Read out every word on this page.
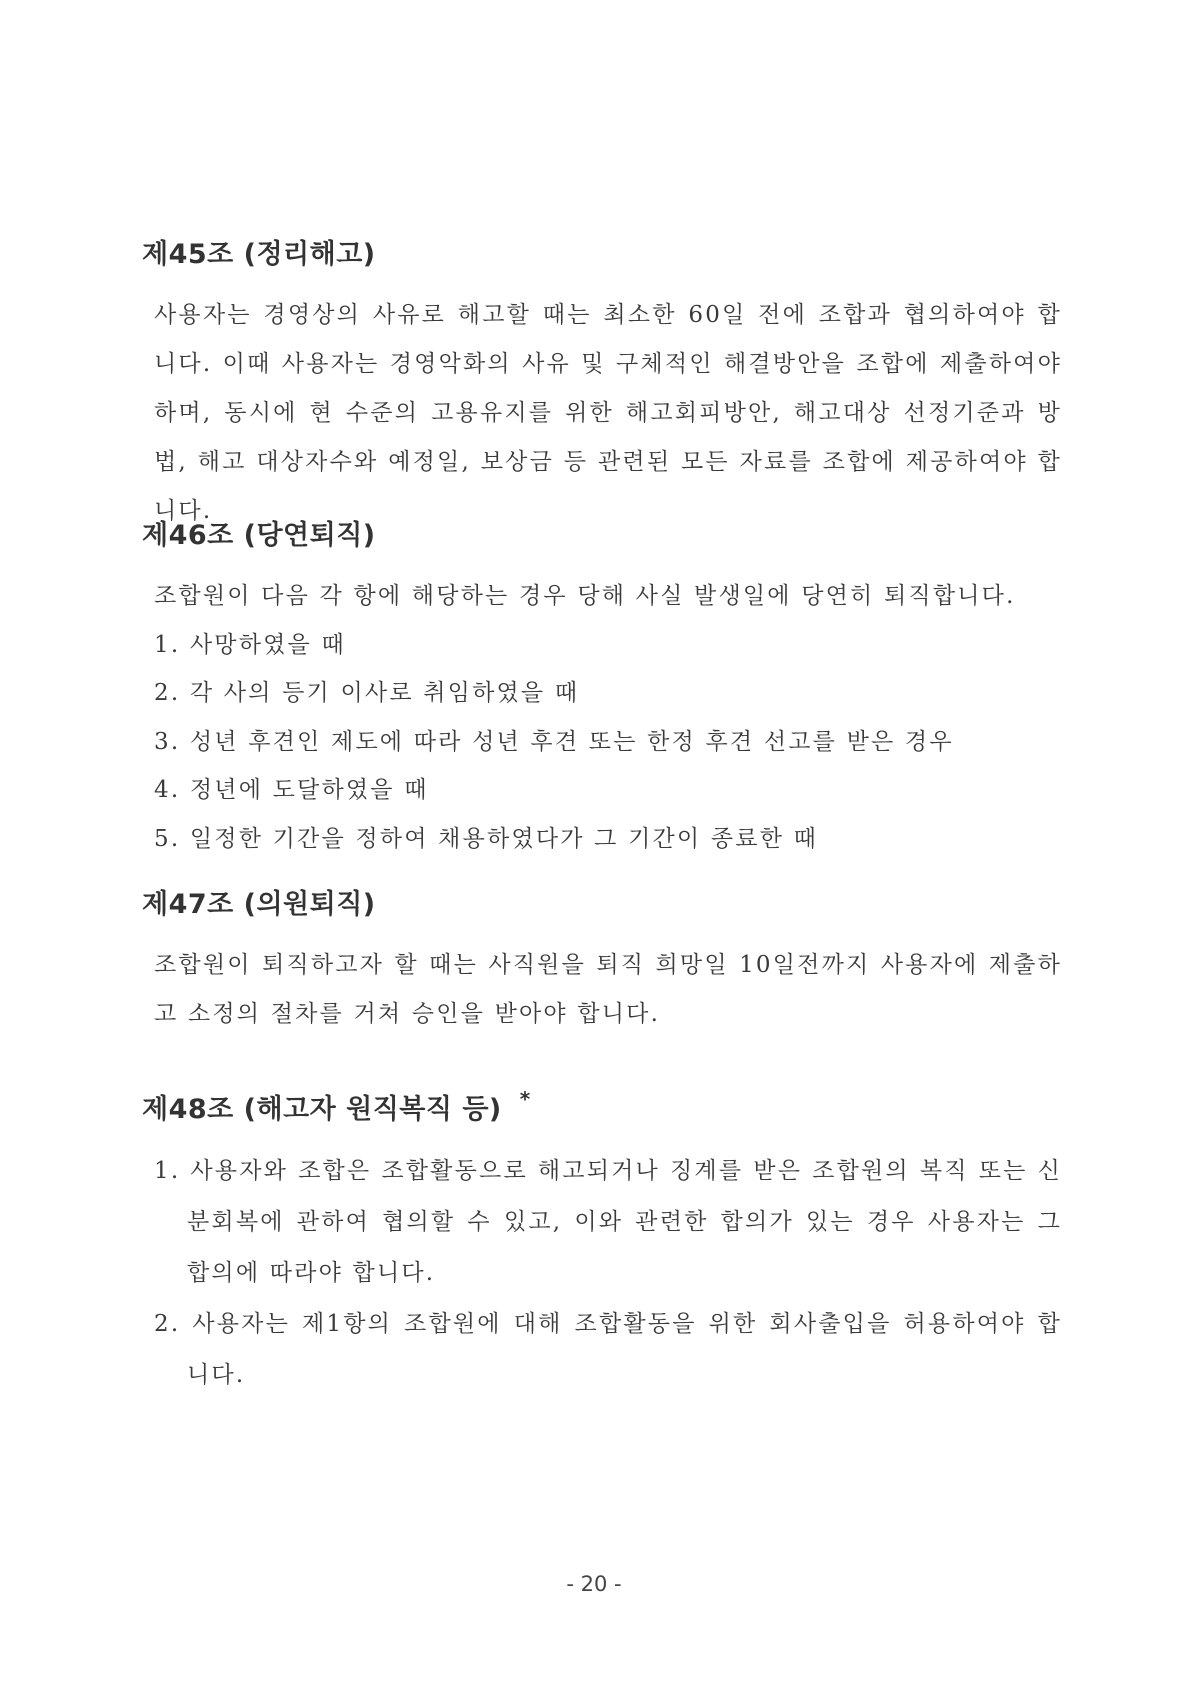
제45조 (정리해고)

사용자는 경영상의 사유로 해고할 때는 최소한 60일 전에 조합과 협의하여야 합니다. 이때 사용자는 경영악화의 사유 및 구체적인 해결방안을 조합에 제출하여야 하며, 동시에 현 수준의 고용유지를 위한 해고회피방안, 해고대상 선정기준과 방법, 해고 대상자수와 예정일, 보상금 등 관련된 모든 자료를 조합에 제공하여야 합니다.

제46조 (당연퇴직)

조합원이 다음 각 항에 해당하는 경우 당해 사실 발생일에 당연히 퇴직합니다.

1. 사망하였을 때

2. 각 사의 등기 이사로 취임하였을 때

3. 성년 후견인 제도에 따라 성년 후견 또는 한정 후견 선고를 받은 경우

4. 정년에 도달하였을 때

5. 일정한 기간을 정하여 채용하였다가 그 기간이 종료한 때

제47조 (의원퇴직)

조합원이 퇴직하고자 할 때는 사직원을 퇴직 희망일 10일전까지 사용자에 제출하고 소정의 절차를 거쳐 승인을 받아야 합니다.

제48조 (해고자 원직복직 등) *

1. 사용자와 조합은 조합활동으로 해고되거나 징계를 받은 조합원의 복직 또는 신분회복에 관하여 협의할 수 있고, 이와 관련한 합의가 있는 경우 사용자는 그 합의에 따라야 합니다.

2. 사용자는 제1항의 조합원에 대해 조합활동을 위한 회사출입을 허용하여야 합니다.

- 20 -
